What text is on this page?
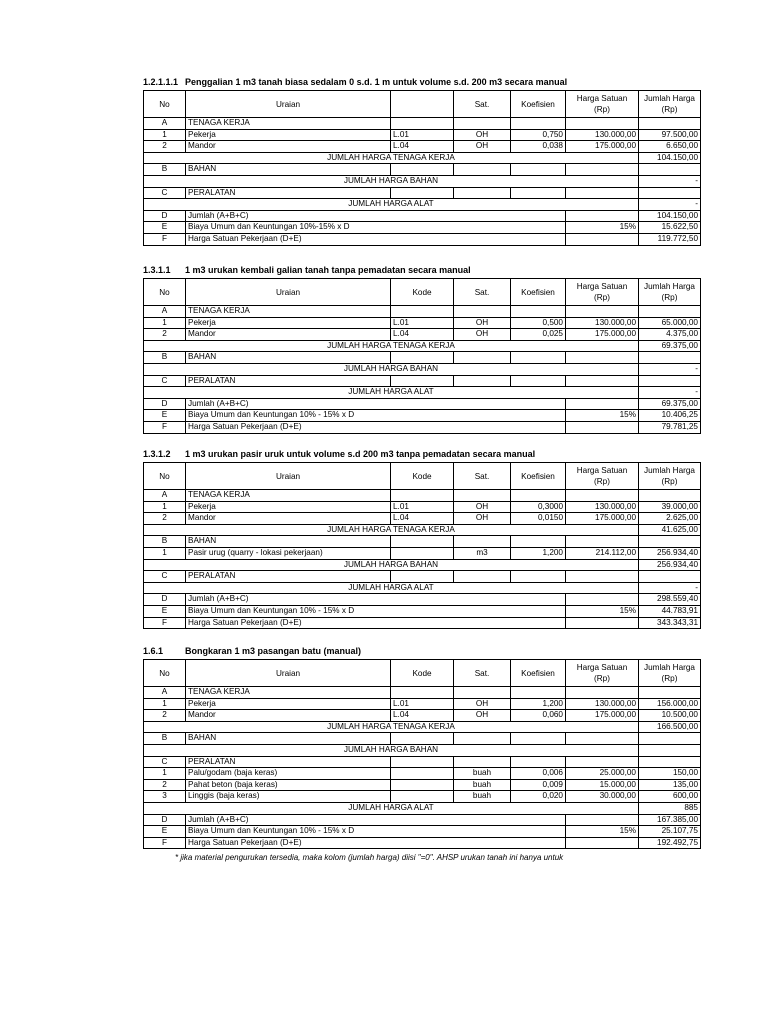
1.2.1.1.1 Penggalian 1 m3 tanah biasa sedalam 0 s.d. 1 m untuk volume s.d. 200 m3 secara manual
No	Uraian		Sat.	Koefisien	Harga Satuan (Rp)	Jumlah Harga (Rp)
A	TENAGA KERJA					
1	Pekerja	L.01	OH	0,750	130.000,00	97.500,00
2	Mandor	L.04	OH	0,038	175.000,00	6.650,00
JUMLAH HARGA TENAGA KERJA						104.150,00
B	BAHAN					
JUMLAH HARGA BAHAN						-
C	PERALATAN					
JUMLAH HARGA ALAT						-
D	Jumlah (A+B+C)					104.150,00
E	Biaya Umum dan Keuntungan 10%-15% x D				15%	15.622,50
F	Harga Satuan Pekerjaan (D+E)					119.772,50
1.3.1.1 1 m3 urukan kembali galian tanah tanpa pemadatan secara manual
No	Uraian	Kode	Sat.	Koefisien	Harga Satuan (Rp)	Jumlah Harga (Rp)
A	TENAGA KERJA					
1	Pekerja	L.01	OH	0,500	130.000,00	65.000,00
2	Mandor	L.04	OH	0,025	175.000,00	4.375,00
JUMLAH HARGA TENAGA KERJA						69.375,00
B	BAHAN					
JUMLAH HARGA BAHAN						-
C	PERALATAN					
JUMLAH HARGA ALAT						-
D	Jumlah (A+B+C)					69.375,00
E	Biaya Umum dan Keuntungan 10% - 15% x D				15%	10.406,25
F	Harga Satuan Pekerjaan (D+E)					79.781,25
1.3.1.2 1 m3 urukan pasir uruk untuk volume s.d 200 m3 tanpa pemadatan secara manual
No	Uraian	Kode	Sat.	Koefisien	Harga Satuan (Rp)	Jumlah Harga (Rp)
A	TENAGA KERJA					
1	Pekerja	L.01	OH	0,3000	130.000,00	39.000,00
2	Mandor	L.04	OH	0,0150	175.000,00	2.625,00
JUMLAH HARGA TENAGA KERJA						41.625,00
B	BAHAN					
1	Pasir urug (quarry - lokasi pekerjaan)		m3	1,200	214.112,00	256.934,40
JUMLAH HARGA BAHAN						256.934,40
C	PERALATAN					
JUMLAH HARGA ALAT						-
D	Jumlah (A+B+C)					298.559,40
E	Biaya Umum dan Keuntungan 10% - 15% x D				15%	44.783,91
F	Harga Satuan Pekerjaan (D+E)					343.343,31
1.6.1 Bongkaran 1 m3 pasangan batu (manual)
No	Uraian	Kode	Sat.	Koefisien	Harga Satuan (Rp)	Jumlah Harga (Rp)
A	TENAGA KERJA					
1	Pekerja	L.01	OH	1,200	130.000,00	156.000,00
2	Mandor	L.04	OH	0,060	175.000,00	10.500,00
JUMLAH HARGA TENAGA KERJA						166.500,00
B	BAHAN					
JUMLAH HARGA BAHAN						
C	PERALATAN					
1	Palu/godam (baja keras)		buah	0,006	25.000,00	150,00
2	Pahat beton (baja keras)		buah	0,009	15.000,00	135,00
3	Linggis (baja keras)		buah	0,020	30.000,00	600,00
JUMLAH HARGA ALAT						885
D	Jumlah (A+B+C)					167.385,00
E	Biaya Umum dan Keuntungan 10% - 15% x D				15%	25.107,75
F	Harga Satuan Pekerjaan (D+E)					192.492,75
* jika material pengurukan tersedia, maka kolom (jumlah harga) diisi "=0". AHSP urukan tanah ini hanya untuk
